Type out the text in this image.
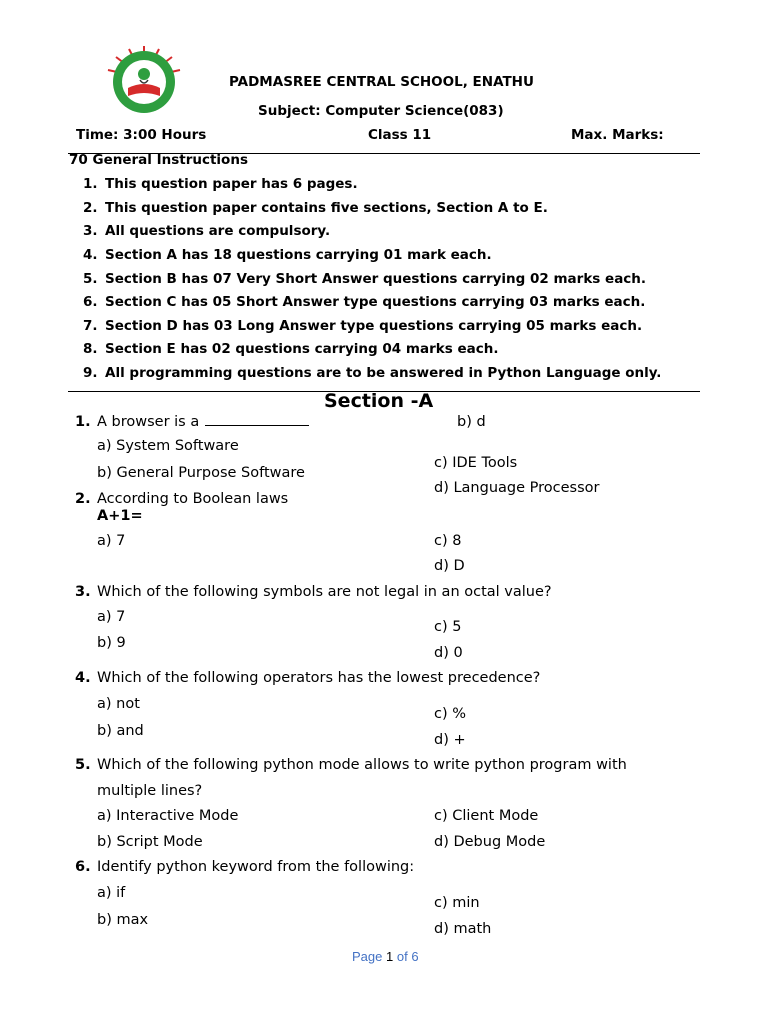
PADMASREE CENTRAL SCHOOL, ENATHU
Subject: Computer Science(083)
Time: 3:00 Hours	Class 11	Max. Marks:
70 General Instructions
1. This question paper has 6 pages.
2. This question paper contains five sections, Section A to E.
3. All questions are compulsory.
4. Section A has 18 questions carrying 01 mark each.
5. Section B has 07 Very Short Answer questions carrying 02 marks each.
6. Section C has 05 Short Answer type questions carrying 03 marks each.
7. Section D has 03 Long Answer type questions carrying 05 marks each.
8. Section E has 02 questions carrying 04 marks each.
9. All programming questions are to be answered in Python Language only.
Section -A
1. A browser is a
a) System Software
b) General Purpose Software
b) d
c) IDE Tools
d) Language Processor
2. According to Boolean laws
A+1=
a) 7	c) 8
d) D
3. Which of the following symbols are not legal in an octal value?
a) 7
b) 9
c) 5
d) 0
4. Which of the following operators has the lowest precedence?
a) not
b) and
c) %
d) +
5. Which of the following python mode allows to write python program with
multiple lines?
a) Interactive Mode
b) Script Mode
c) Client Mode
d) Debug Mode
6. Identify python keyword from the following:
a) if
b) max
c) min
d) math
Page 1 of 6
